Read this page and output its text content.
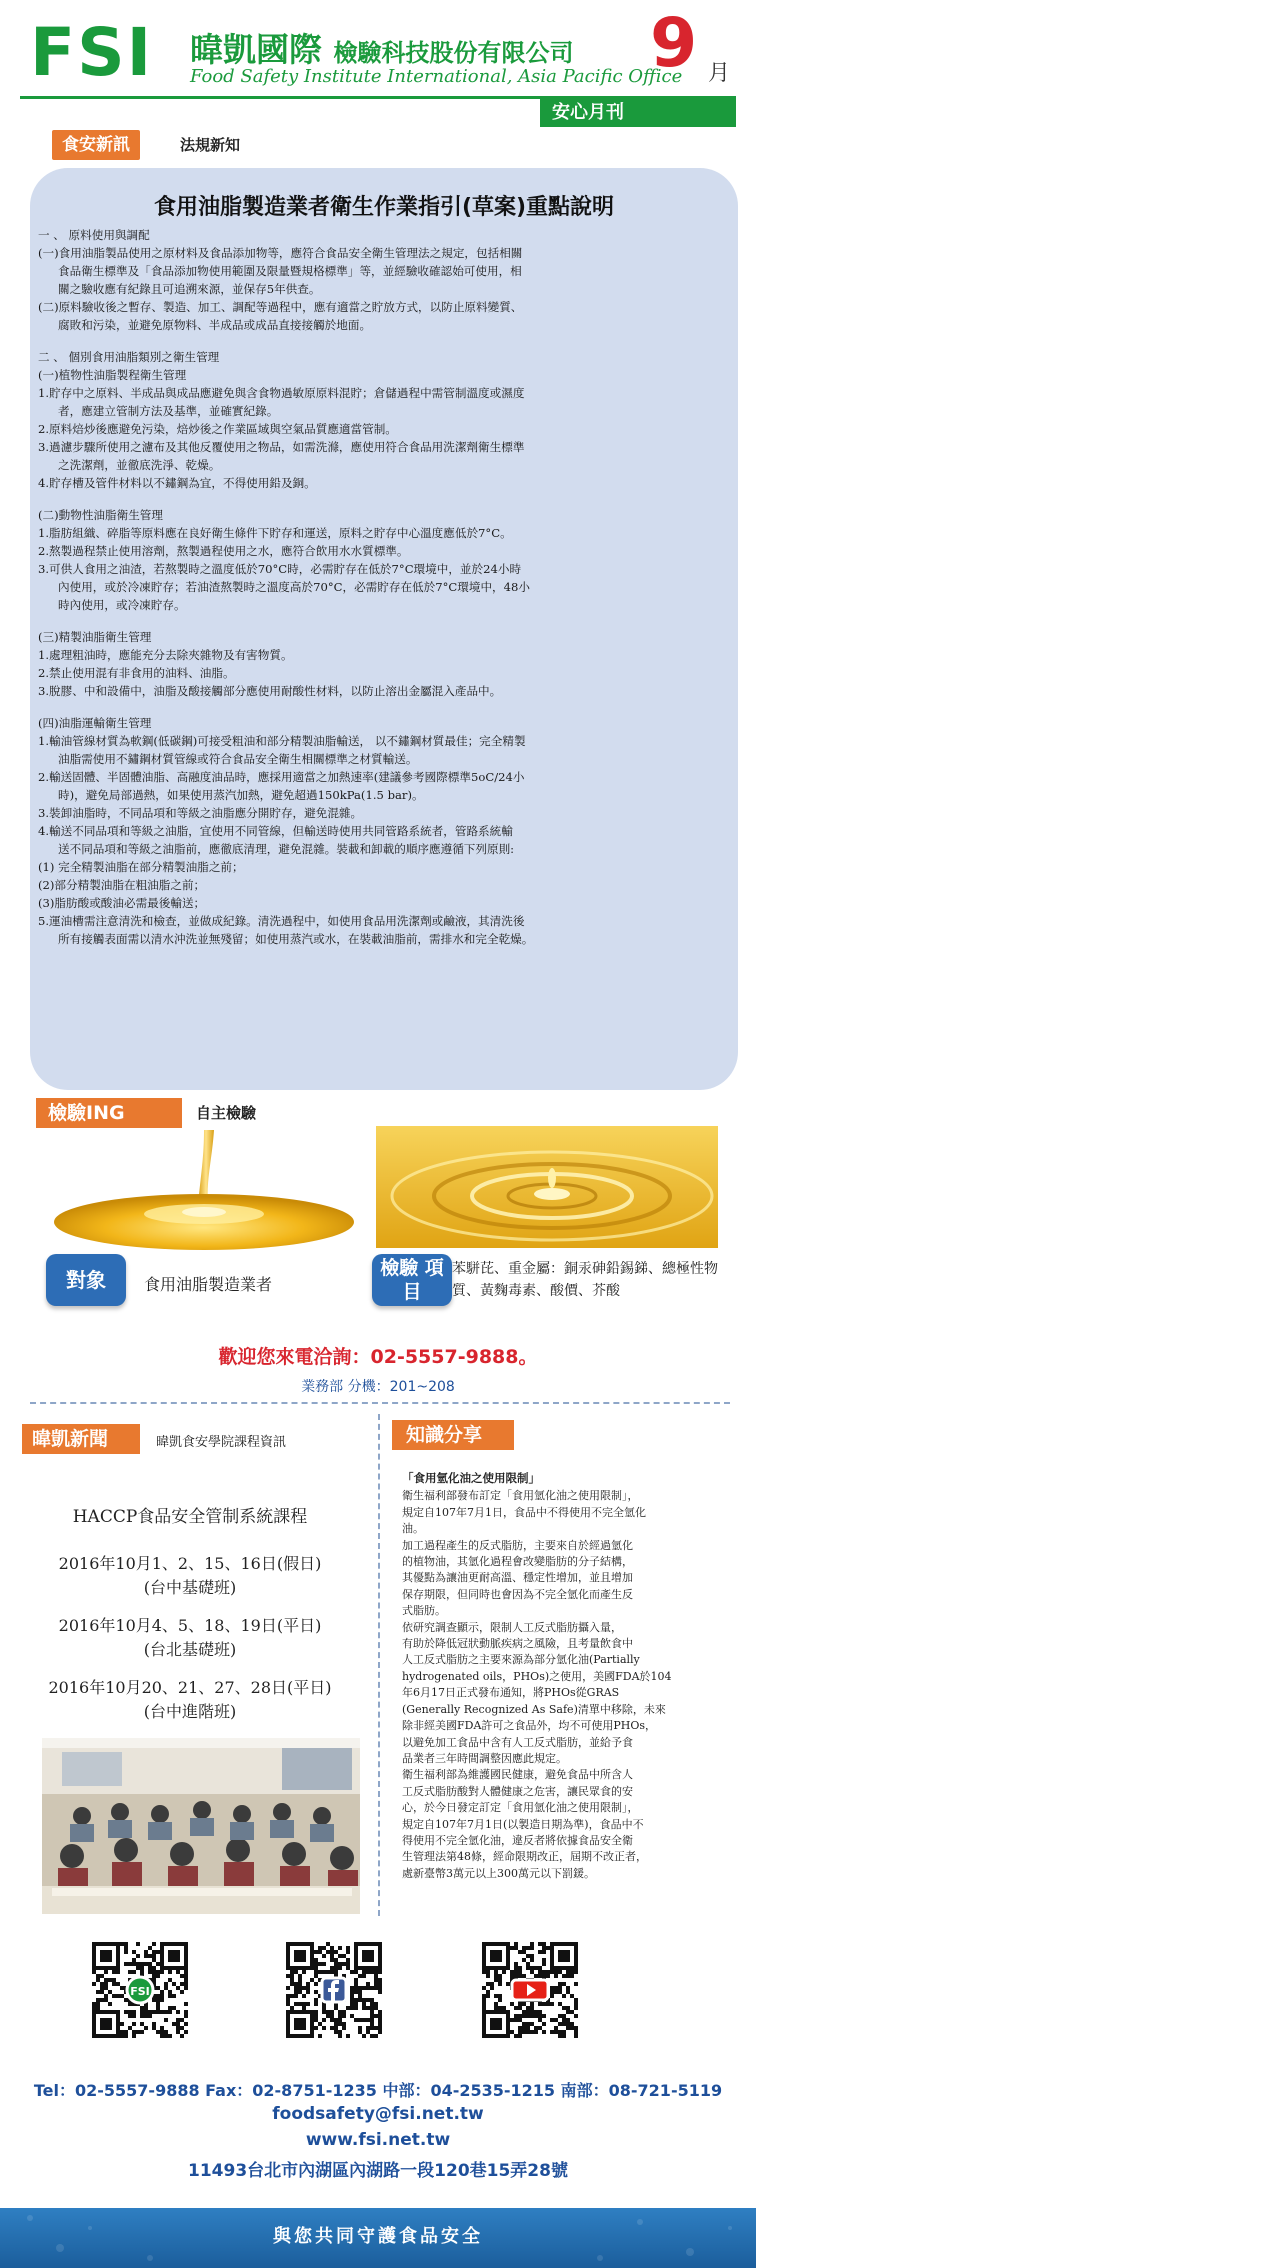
FSI 暐凱國際 檢驗科技股份有限公司
Food Safety Institute International, Asia Pacific Office
9 月
安心月刊	2016
食安新訊	法規新知
食用油脂製造業者衛生作業指引(草案)重點說明
一 、 原料使用與調配
(一)食用油脂製品使用之原材料及食品添加物等，應符合食品安全衛生管理法之規定，包括相關
食品衛生標準及「食品添加物使用範圍及限量暨規格標準」等，並經驗收確認始可使用，相
關之驗收應有紀錄且可追溯來源，並保存5年供查。
(二)原料驗收後之暫存、製造、加工、調配等過程中，應有適當之貯放方式，以防止原料變質、
腐敗和污染，並避免原物料、半成品或成品直接接觸於地面。
二 、 個別食用油脂類別之衛生管理
(一)植物性油脂製程衛生管理
1.貯存中之原料、半成品與成品應避免與含食物過敏原原料混貯；倉儲過程中需管制溫度或濕度
者，應建立管制方法及基準，並確實紀錄。
2.原料焙炒後應避免污染，焙炒後之作業區域與空氣品質應適當管制。
3.過濾步驟所使用之濾布及其他反覆使用之物品，如需洗滌，應使用符合食品用洗潔劑衛生標準
之洗潔劑，並徹底洗淨、乾燥。
4.貯存槽及管件材料以不鏽鋼為宜，不得使用鉛及銅。
(二)動物性油脂衛生管理
1.脂肪組織、碎脂等原料應在良好衛生條件下貯存和運送，原料之貯存中心溫度應低於7°C。
2.熬製過程禁止使用溶劑，熬製過程使用之水，應符合飲用水水質標準。
3.可供人食用之油渣，若熬製時之溫度低於70°C時，必需貯存在低於7°C環境中，並於24小時
內使用，或於冷凍貯存；若油渣熬製時之溫度高於70°C，必需貯存在低於7°C環境中，48小
時內使用，或冷凍貯存。
(三)精製油脂衛生管理
1.處理粗油時，應能充分去除夾雜物及有害物質。
2.禁止使用混有非食用的油料、油脂。
3.脫膠、中和設備中，油脂及酸接觸部分應使用耐酸性材料，以防止溶出金屬混入產品中。
(四)油脂運輸衛生管理
1.輸油管線材質為軟鋼(低碳鋼)可接受粗油和部分精製油脂輸送， 以不鏽鋼材質最佳；完全精製
油脂需使用不鏽鋼材質管線或符合食品安全衛生相關標準之材質輸送。
2.輸送固體、半固體油脂、高融度油品時，應採用適當之加熱速率(建議參考國際標準5oC/24小
時)，避免局部過熱，如果使用蒸汽加熱，避免超過150kPa(1.5 bar)。
3.裝卸油脂時，不同品項和等級之油脂應分開貯存，避免混雜。
4.輸送不同品項和等級之油脂，宜使用不同管線，但輸送時使用共同管路系統者，管路系統輸
送不同品項和等級之油脂前，應徹底清理，避免混雜。裝載和卸載的順序應遵循下列原則:
(1) 完全精製油脂在部分精製油脂之前；
(2)部分精製油脂在粗油脂之前；
(3)脂肪酸或酸油必需最後輸送；
5.運油槽需注意清洗和檢查，並做成紀錄。清洗過程中，如使用食品用洗潔劑或鹼液，其清洗後
所有接觸表面需以清水沖洗並無殘留；如使用蒸汽或水，在裝載油脂前，需排水和完全乾燥。
檢驗ING	自主檢驗
對象	食用油脂製造業者
檢驗 項目
苯駢芘、重金屬：銅汞砷鉛錫銻、總極性物質、黃麴毒素、酸價、芥酸
歡迎您來電洽詢：02-5557-9888。
業務部 分機：201~208
暐凱新聞	暐凱食安學院課程資訊
HACCP食品安全管制系統課程
2016年10月1、2、15、16日(假日)
(台中基礎班)
2016年10月4、5、18、19日(平日)
(台北基礎班)
2016年10月20、21、27、28日(平日)
(台中進階班)
知識分享
「食用氫化油之使用限制」
衛生福利部發布訂定「食用氫化油之使用限制」，
規定自107年7月1日，食品中不得使用不完全氫化
油。
加工過程產生的反式脂肪，主要來自於經過氫化
的植物油，其氫化過程會改變脂肪的分子結構，
其優點為讓油更耐高溫、穩定性增加，並且增加
保存期限，但同時也會因為不完全氫化而產生反
式脂肪。
依研究調查顯示，限制人工反式脂肪攝入量，
有助於降低冠狀動脈疾病之風險，且考量飲食中
人工反式脂肪之主要來源為部分氫化油(Partially
hydrogenated oils，PHOs)之使用，美國FDA於104
年6月17日正式發布通知，將PHOs從GRAS
(Generally Recognized As Safe)清單中移除，未來
除非經美國FDA許可之食品外，均不可使用PHOs，
以避免加工食品中含有人工反式脂肪，並給予食
品業者三年時間調整因應此規定。
衛生福利部為維護國民健康，避免食品中所含人
工反式脂肪酸對人體健康之危害，讓民眾食的安
心，於今日發定訂定「食用氫化油之使用限制」，
規定自107年7月1日(以製造日期為準)，食品中不
得使用不完全氫化油，違反者將依據食品安全衛
生管理法第48條，經命限期改正，屆期不改正者，
處新臺幣3萬元以上300萬元以下罰鍰。
FSI
Tel：02-5557-9888 Fax：02-8751-1235 中部：04-2535-1215 南部：08-721-5119
foodsafety@fsi.net.tw
www.fsi.net.tw
11493台北市內湖區內湖路一段120巷15弄28號
與您共同守護食品安全
